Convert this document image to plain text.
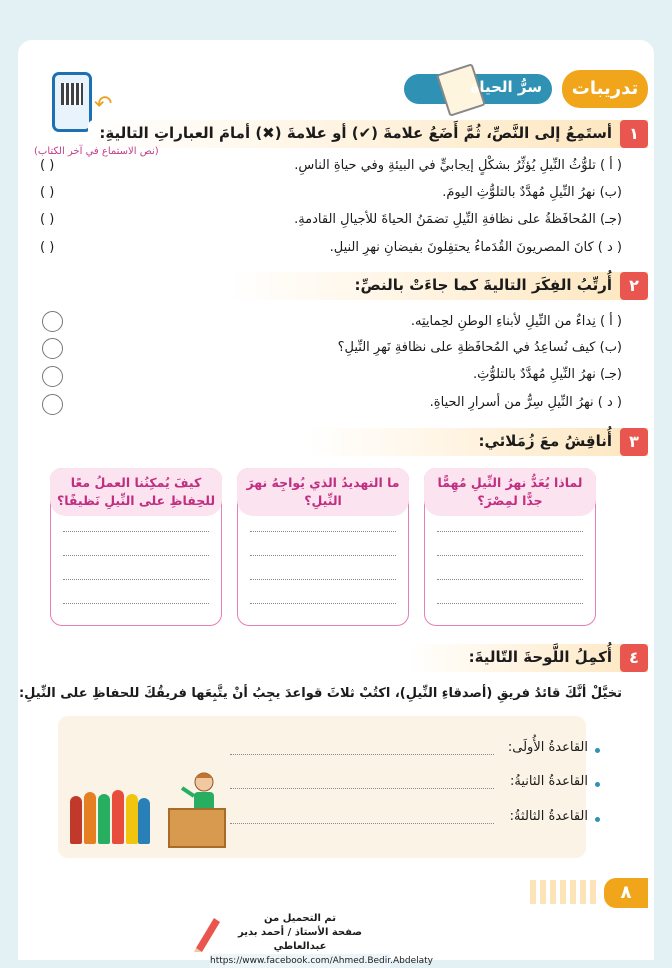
↶
سرُّ الحياة	تدريبات
١
أستَمِعُ إلى النَّصِّ، ثُمَّ أَضَعُ علامةَ (✔) أو علامةَ (✖) أمامَ العباراتِ التاليةِ:
(نص الاستماع في آخر الكتاب)
( أ ) تلوُّثُ النِّيلِ يُؤثِّرُ بشكْلٍ إيجابيٍّ في البيئةِ وفي حياةِ الناسِ.
( )
(ب) نهرُ النِّيلِ مُهدَّدٌ بالتلوُّثِ اليومَ.
( )
(جـ) المُحافَظةُ على نظافةِ النِّيلِ تضمَنُ الحياةَ للأجيالِ القادمةِ.
( )
( د ) كانَ المصريونَ القُدَماءُ يحتفِلونَ بفيضانِ نهرِ النيلِ.
( )
٢
أُرتِّبُ الفِكَرَ التاليةَ كما جاءَتْ بالنصِّ:
( أ ) نِداءٌ من النِّيلِ لأبناءِ الوطنِ لحِمايتِه.
(ب) كيف نُساعِدُ في المُحافَظةِ على نظافةِ نَهرِ النِّيلِ؟
(جـ) نهرُ النِّيلِ مُهدَّدٌ بالتلوُّثِ.
( د ) نهرُ النِّيلِ سِرٌّ من أسرارِ الحياةِ.
٣
أُناقِشُ معَ زُمَلائي:
لماذا يُعَدُّ نهرُ النِّيلِ مُهِمًّا جدًّا لمِصْرَ؟
ما التهديدُ الذي يُواجِهُ نهرَ النِّيلِ؟
كيفَ يُمكِنُنا العملُ معًا للحِفاظِ على النِّيلِ نَظيفًا؟
٤
أُكمِلُ اللَّوحةَ التّاليةَ:
تخيَّلْ أنَّكَ قائدُ فريقِ (أصدقاءِ النِّيلِ)، اكتُبْ ثلاثَ قواعدَ يجِبُ أنْ يتَّبِعَها فريقُكَ للحفاظِ على النِّيلِ:
القاعدةُ الأُولَى:
القاعدةُ الثانيةُ:
القاعدةُ الثالثةُ:
٨
تم التحميل من
صفحة الأستاذ / أحمد بدير عبدالعاطي
https://www.facebook.com/Ahmed.Bedir.Abdelaty
